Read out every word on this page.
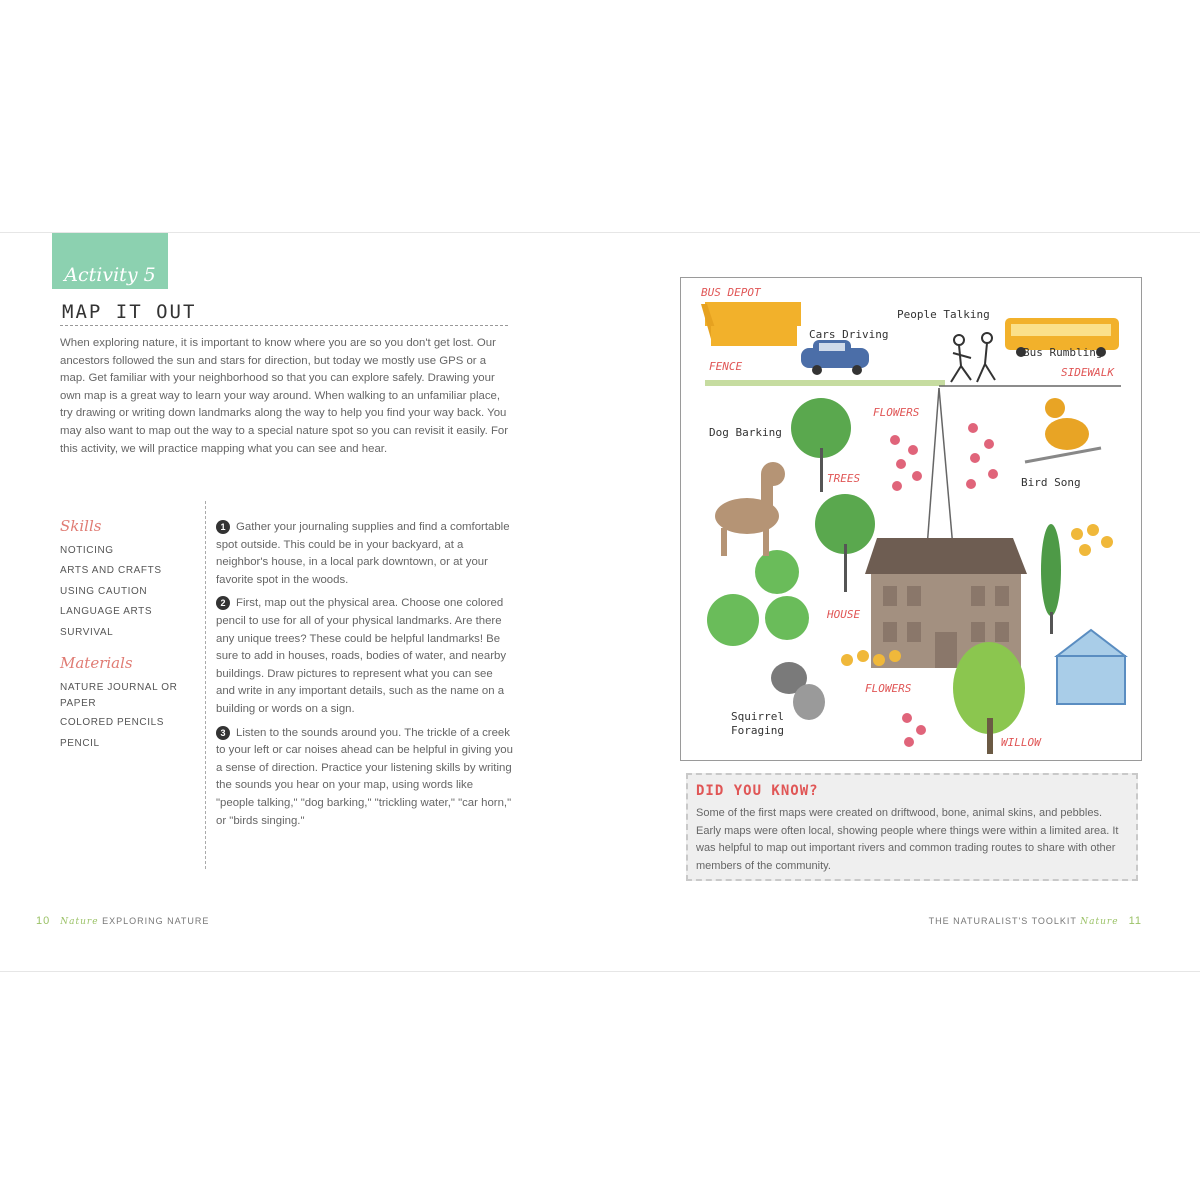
Activity 5
MAP IT OUT
When exploring nature, it is important to know where you are so you don't get lost. Our ancestors followed the sun and stars for direction, but today we mostly use GPS or a map. Get familiar with your neighborhood so that you can explore safely. Drawing your own map is a great way to learn your way around. When walking to an unfamiliar place, try drawing or writing down landmarks along the way to help you find your way back. You may also want to map out the way to a special nature spot so you can revisit it easily. For this activity, we will practice mapping what you can see and hear.
Skills
NOTICING
ARTS AND CRAFTS
USING CAUTION
LANGUAGE ARTS
SURVIVAL
Materials
NATURE JOURNAL OR PAPER
COLORED PENCILS
PENCIL

1 Gather your journaling supplies and find a comfortable spot outside. This could be in your backyard, at a neighbor's house, in a local park downtown, or at your favorite spot in the woods.

2 First, map out the physical area. Choose one colored pencil to use for all of your physical landmarks. Are there any unique trees? These could be helpful landmarks! Be sure to add in houses, roads, bodies of water, and nearby buildings. Draw pictures to represent what you can see and write in any important details, such as the name on a building or words on a sign.

3 Listen to the sounds around you. The trickle of a creek to your left or car noises ahead can be helpful in giving you a sense of direction. Practice your listening skills by writing the sounds you hear on your map, using words like "people talking," "dog barking," "trickling water," "car horn," or "birds singing."

10 Nature EXPLORING NATURE
BUS DEPOT
Cars Driving
People Talking
Bus Rumbling
FENCE	SIDEWALK
Dog Barking
FLOWERS
TREES	Bird Song
HOUSE
FLOWERS
Squirrel Foraging
WILLOW
DID YOU KNOW?
Some of the first maps were created on driftwood, bone, animal skins, and pebbles. Early maps were often local, showing people where things were within a limited area. It was helpful to map out important rivers and common trading routes to share with other members of the community.
THE NATURALIST'S TOOLKIT Nature 11
